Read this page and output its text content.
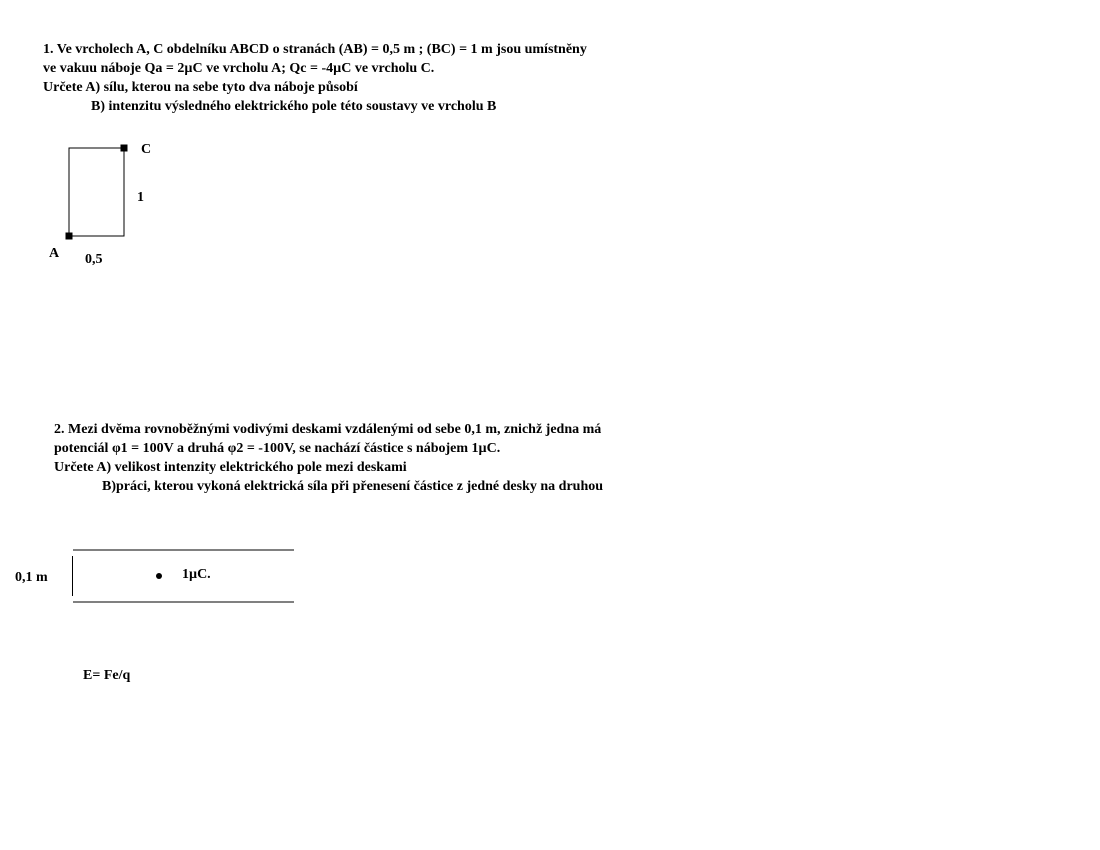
1. Ve vrcholech A, C obdelníku ABCD o stranách (AB) = 0,5 m ; (BC) = 1 m jsou umístněny
ve vakuu náboje Qa = 2µC ve vrcholu A; Qc = -4µC ve vrcholu C.
Určete A) sílu, kterou na sebe tyto dva náboje působí
B) intenzitu výsledného elektrického pole této soustavy ve vrcholu B
C
1
A 0,5
2. Mezi dvěma rovnoběžnými vodivými deskami vzdálenými od sebe 0,1 m, znichž jedna má
potenciál φ1 = 100V a druhá φ2 = -100V, se nachází částice s nábojem 1µC.
Určete A) velikost intenzity elektrického pole mezi deskami
B)práci, kterou vykoná elektrická síla při přenesení částice z jedné desky na druhou
0,1 m	1µC.
E= Fe/q
